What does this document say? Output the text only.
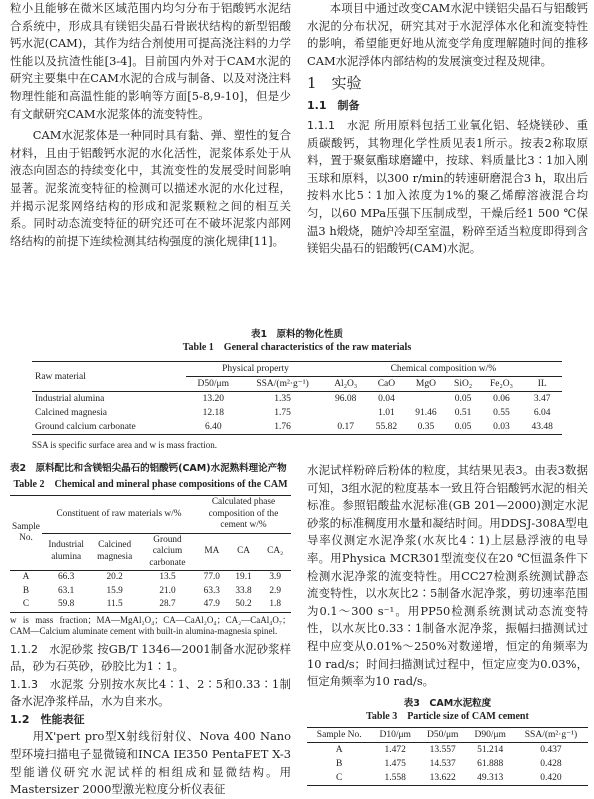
粒小且能够在微米区域范围内均匀分布于铝酸钙水泥结合系统中，形成具有镁铝尖晶石骨嵌状结构的新型铝酸钙水泥(CAM)，其作为结合剂使用可提高浇注料的力学性能以及抗渣性能[3-4]。目前国内外对于CAM水泥的研究主要集中在CAM水泥的合成与制备、以及对浇注料物理性能和高温性能的影响等方面[5-8,9-10]，但是少有文献研究CAM水泥浆体的流变特性。

CAM水泥浆体是一种同时具有黏、弹、塑性的复合材料，且由于铝酸钙水泥的水化活性，泥浆体系处于从液态向固态的持续变化中，其流变性的发展受时间影响显著。泥浆流变特征的检测可以描述水泥的水化过程，并揭示泥浆网络结构的形成和泥浆颗粒之间的相互关系。同时动态流变特征的研究还可在不破坏泥浆内部网络结构的前提下连续检测其结构强度的演化规律[11]。

本项目中通过改变CAM水泥中镁铝尖晶石与铝酸钙水泥的分布状况，研究其对于水泥浮体水化和流变特性的影响，希望能更好地从流变学角度理解随时间的推移CAM水泥浮体内部结构的发展演变过程及规律。

1　实验

1.1　制备

1.1.1　水泥 所用原料包括工业氧化铝、轻烧镁砂、重质碳酸钙，其物理化学性质见表1所示。按表2称取原料，置于聚氨酯球磨罐中，按球、料质量比3∶1加入刚玉球和原料，以300 r/min的转速研磨混合3 h，取出后按料水比5∶1加入浓度为1%的聚乙烯醇溶液混合均匀，以60 MPa压强下压制成型，干燥后经1 500 ℃保温3 h煅烧，随炉冷却至室温，粉碎至适当粒度即得到含镁铝尖晶石的铝酸钙(CAM)水泥。

表1　原料的物化性质
Table 1　General characteristics of the raw materials
Raw material	Physical property		Chemical composition w/%					
	D50/μm	SSA/(m²·g⁻¹)	Al₂O₃	CaO	MgO	SiO₂	Fe₂O₃	IL
Industrial alumina	13.20	1.35	96.08	0.04		0.05	0.06	3.47
Calcined magnesia	12.18	1.75		1.01	91.46	0.51	0.55	6.04
Ground calcium carbonate	6.40	1.76	0.17	55.82	0.35	0.05	0.03	43.48
SSA is specific surface area and w is mass fraction.
表2　原料配比和含镁铝尖晶石的铝酸钙(CAM)水泥熟料理论产物
Table 2　Chemical and mineral phase compositions of the CAM
Sample No.	Constituent of raw materials w/%			Calculated phase composition of the cement w/%		
	Industrial alumina	Calcined magnesia	Ground calcium carbonate	MA	CA	CA₂
A	66.3	20.2	13.5	77.0	19.1	3.9
B	63.1	15.9	21.0	63.3	33.8	2.9
C	59.8	11.5	28.7	47.9	50.2	1.8
w is mass fraction；MA—MgAl₂O₄；CA—CaAl₂O₄；CA₂—CaAl₄O₇；CAM—Calcium aluminate cement with built-in alumina-magnesia spinel.

1.1.2　水泥砂浆 按GB/T 1346—2001制备水泥砂浆样品，砂为石英砂，砂胶比为1∶1。

1.1.3　水泥浆 分别按水灰比4∶1、2∶5和0.33∶1制备水泥净浆样品，水为自来水。

1.2　性能表征

用X'pert pro型X射线衍射仪、Nova 400 Nano型环境扫描电子显微镜和INCA IE350 PentaFET X-3型能谱仪研究水泥试样的相组成和显微结构。用Mastersizer 2000型激光粒度分析仪表征

水泥试样粉碎后粉体的粒度，其结果见表3。由表3数据可知，3组水泥的粒度基本一致且符合铝酸钙水泥的相关标准。参照铝酸盐水泥标准(GB 201—2000)测定水泥砂浆的标准稠度用水量和凝结时间。用DDSJ-308A型电导率仪测定水泥净浆(水灰比4∶1)上层悬浮液的电导率。用Physica MCR301型流变仪在20 ℃恒温条件下检测水泥净浆的流变特性。用CC27检测系统测试静态流变特性，以水灰比2∶5制备水泥净浆，剪切速率范围为0.1～300 s⁻¹。用PP50检测系统测试动态流变特性，以水灰比0.33∶1制备水泥净浆，振幅扫描测试过程中应变从0.01%～250%对数递增，恒定的角频率为10 rad/s；时间扫描测试过程中，恒定应变为0.03%，恒定角频率为10 rad/s。

表3　CAM水泥粒度
Table 3　Particle size of CAM cement
Sample No.	D10/μm	D50/μm	D90/μm	SSA/(m²·g⁻¹)
A	1.472	13.557	51.214	0.437
B	1.475	14.537	61.888	0.428
C	1.558	13.622	49.313	0.420
